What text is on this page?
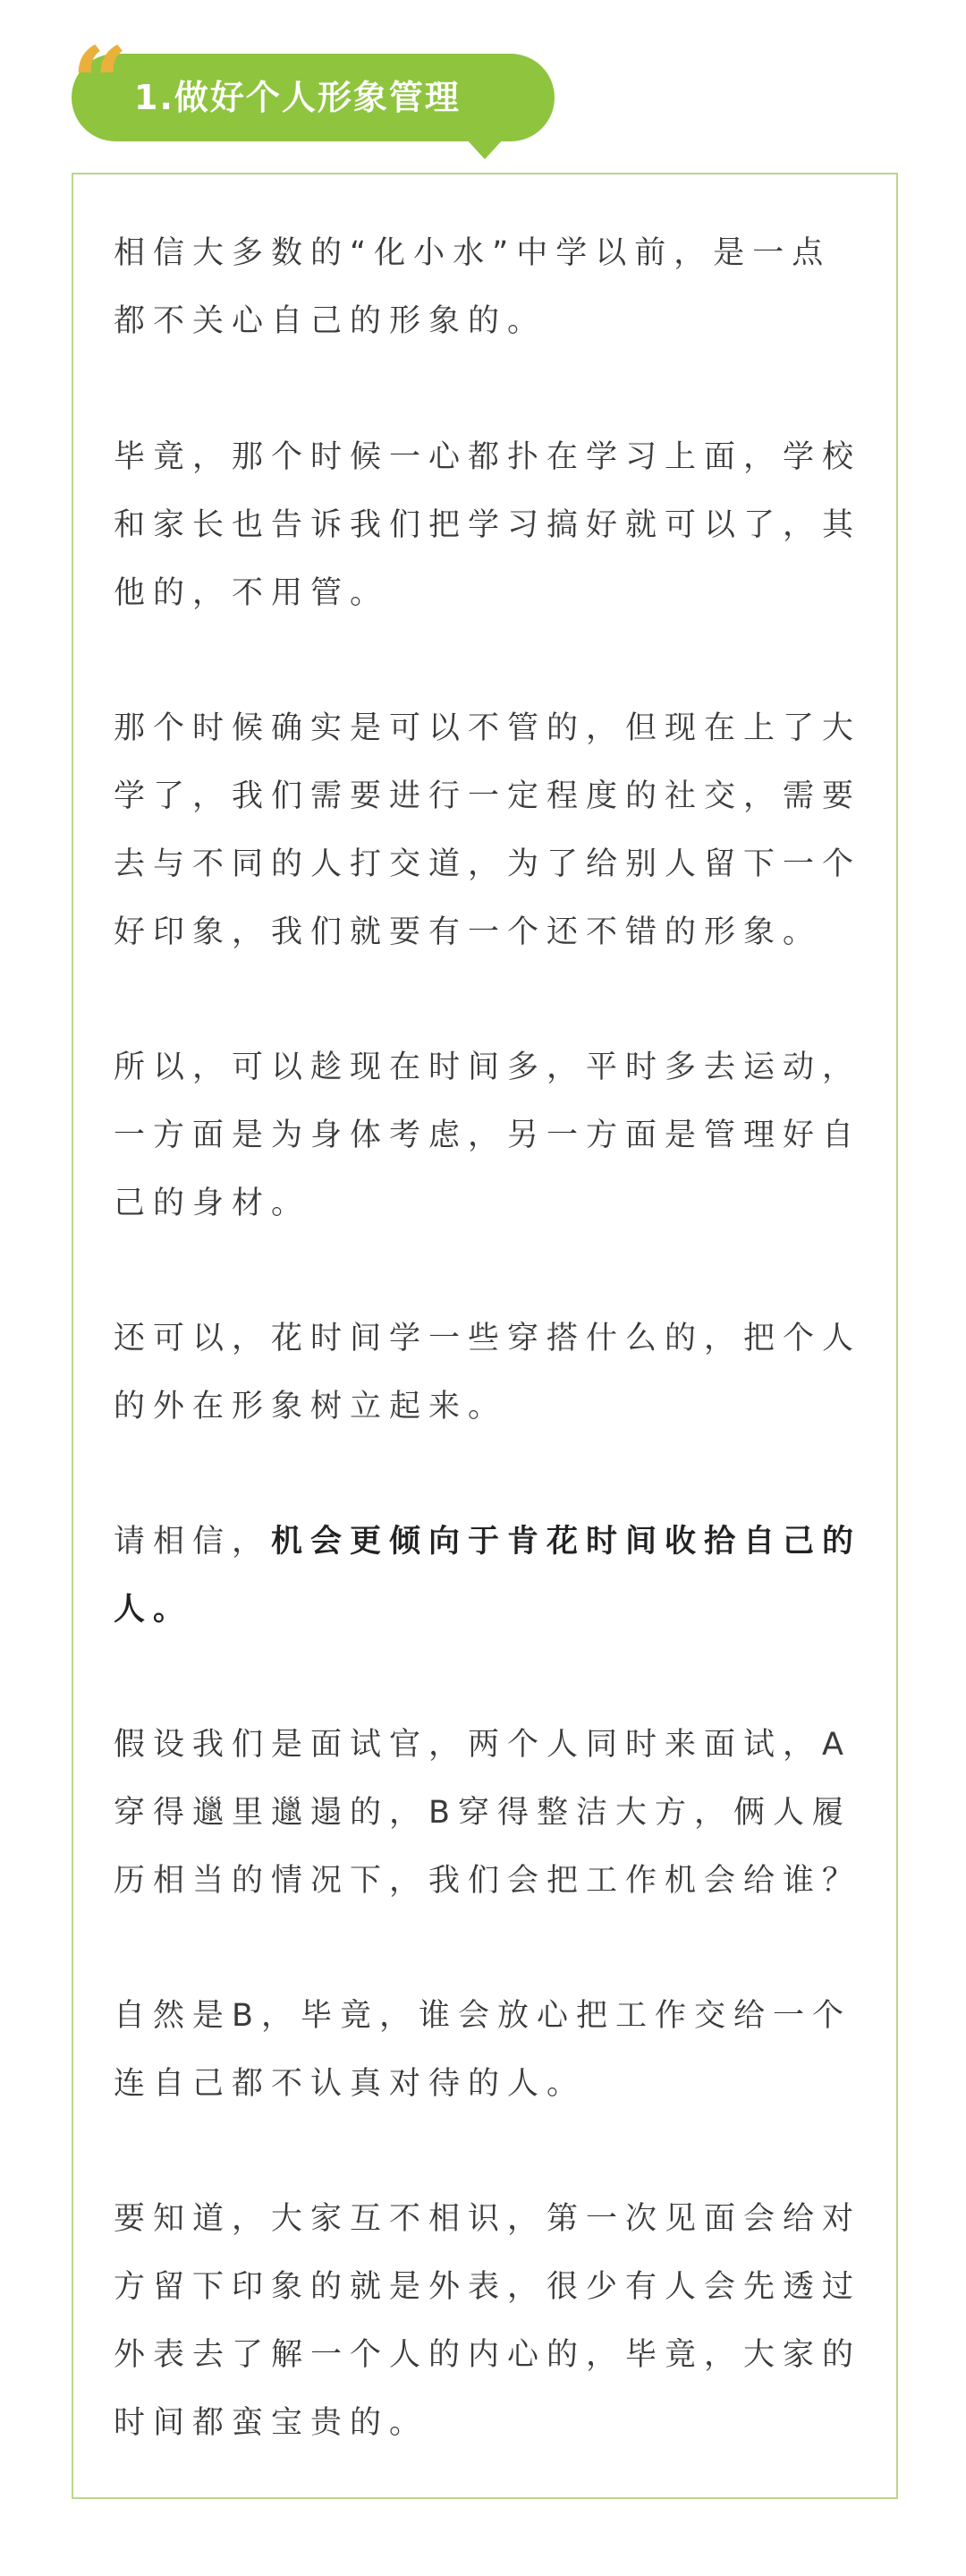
“ 1.做好个人形象管理

相信大多数的“化小水”中学以前，是一点
都不关心自己的形象的。

毕竟，那个时候一心都扑在学习上面，学校
和家长也告诉我们把学习搞好就可以了，其
他的，不用管。

那个时候确实是可以不管的，但现在上了大
学了，我们需要进行一定程度的社交，需要
去与不同的人打交道，为了给别人留下一个
好印象，我们就要有一个还不错的形象。

所以，可以趁现在时间多，平时多去运动，
一方面是为身体考虑，另一方面是管理好自
己的身材。

还可以，花时间学一些穿搭什么的，把个人
的外在形象树立起来。

请相信，机会更倾向于肯花时间收拾自己的
人。

假设我们是面试官，两个人同时来面试，A
穿得邋里邋遢的，B穿得整洁大方，俩人履
历相当的情况下，我们会把工作机会给谁？

自然是B，毕竟，谁会放心把工作交给一个
连自己都不认真对待的人。

要知道，大家互不相识，第一次见面会给对
方留下印象的就是外表，很少有人会先透过
外表去了解一个人的内心的，毕竟，大家的
时间都蛮宝贵的。
